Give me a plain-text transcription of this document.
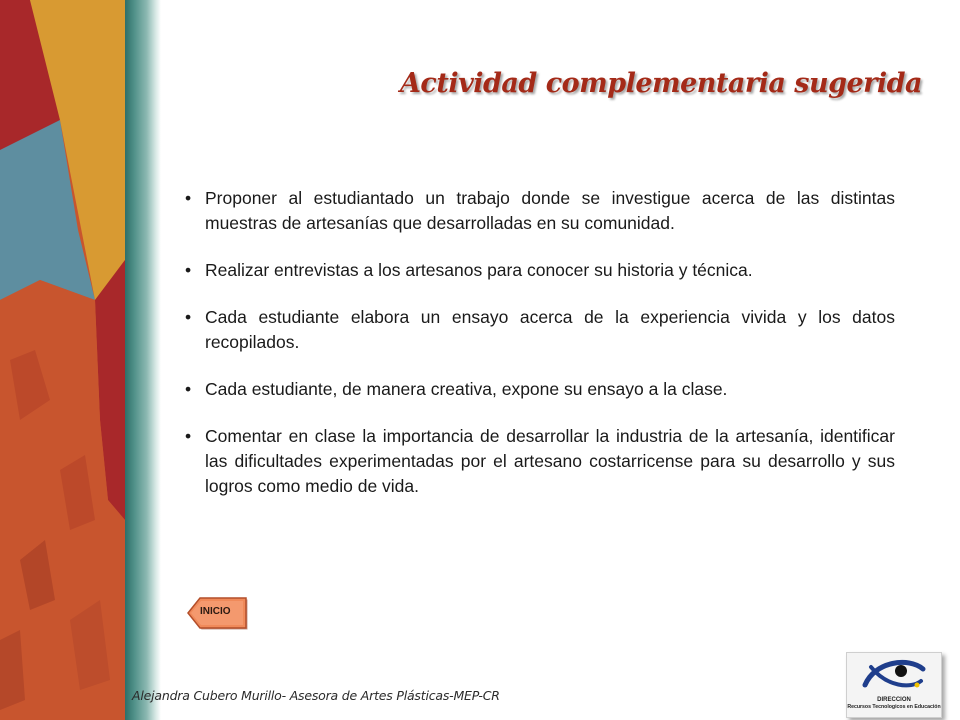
Actividad complementaria sugerida
• Proponer al estudiantado un trabajo donde se investigue acerca de las distintas muestras de artesanías que desarrolladas en su comunidad.
• Realizar entrevistas a los artesanos para conocer su historia y técnica.
• Cada estudiante elabora un ensayo acerca de la experiencia vivida y los datos recopilados.
• Cada estudiante, de manera creativa, expone su ensayo a la clase.
• Comentar en clase la importancia de desarrollar la industria de la artesanía, identificar las dificultades experimentadas por el artesano costarricense para su desarrollo y sus logros como medio de vida.
INICIO
Alejandra Cubero Murillo- Asesora de Artes Plásticas-MEP-CR	DIRECCION
Recursos Tecnologicos en Educación
